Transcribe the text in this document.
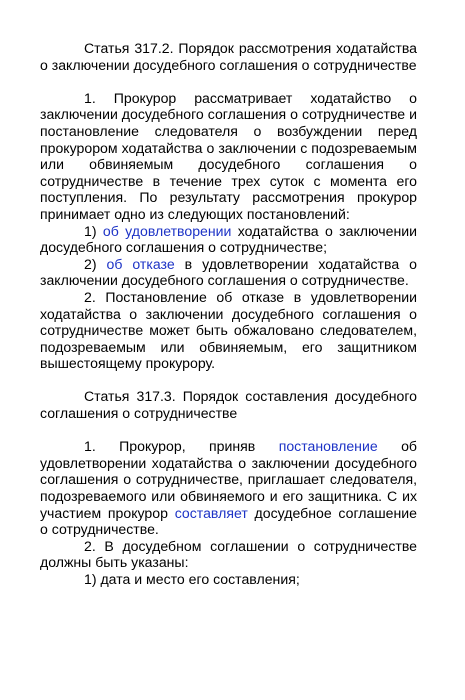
Статья 317.2. Порядок рассмотрения ходатайства о заключении досудебного соглашения о сотрудничестве

1. Прокурор рассматривает ходатайство о заключении досудебного соглашения о сотрудничестве и постановление следователя о возбуждении перед прокурором ходатайства о заключении с подозреваемым или обвиняемым досудебного соглашения о сотрудничестве в течение трех суток с момента его поступления. По результату рассмотрения прокурор принимает одно из следующих постановлений:

1) об удовлетворении ходатайства о заключении досудебного соглашения о сотрудничестве;

2) об отказе в удовлетворении ходатайства о заключении досудебного соглашения о сотрудничестве.

2. Постановление об отказе в удовлетворении ходатайства о заключении досудебного соглашения о сотрудничестве может быть обжаловано следователем, подозреваемым или обвиняемым, его защитником вышестоящему прокурору.

Статья 317.3. Порядок составления досудебного соглашения о сотрудничестве

1. Прокурор, приняв постановление об удовлетворении ходатайства о заключении досудебного соглашения о сотрудничестве, приглашает следователя, подозреваемого или обвиняемого и его защитника. С их участием прокурор составляет досудебное соглашение о сотрудничестве.

2. В досудебном соглашении о сотрудничестве должны быть указаны:

1) дата и место его составления;
